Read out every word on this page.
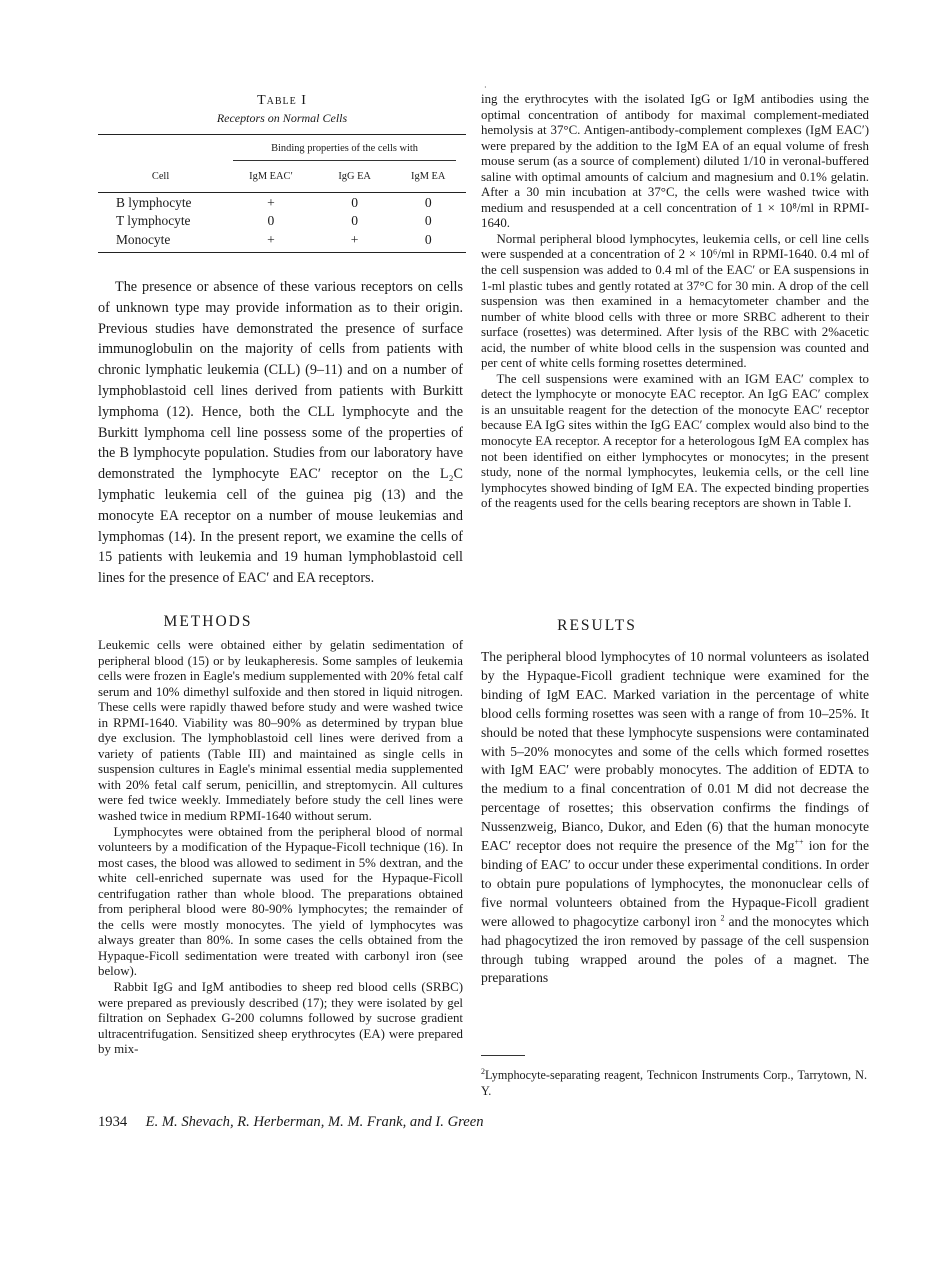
Table I

Receptors on Normal Cells

	Binding properties of the cells with		
Cell	IgM EAC′	IgG EA	IgM EA

B lymphocyte	+	0	0
T lymphocyte	0	0	0
Monocyte	+	+	0

The presence or absence of these various receptors on cells of unknown type may provide information as to their origin. Previous studies have demonstrated the presence of surface immunoglobulin on the majority of cells from patients with chronic lymphatic leukemia (CLL) (9–11) and on a number of lymphoblastoid cell lines derived from patients with Burkitt lymphoma (12). Hence, both the CLL lymphocyte and the Burkitt lymphoma cell line possess some of the properties of the B lymphocyte population. Studies from our laboratory have demonstrated the lymphocyte EAC′ receptor on the L₂C lymphatic leukemia cell of the guinea pig (13) and the monocyte EA receptor on a number of mouse leukemias and lymphomas (14). In the present report, we examine the cells of 15 patients with leukemia and 19 human lymphoblastoid cell lines for the presence of EAC′ and EA receptors.

METHODS

Leukemic cells were obtained either by gelatin sedimentation of peripheral blood (15) or by leukapheresis. Some samples of leukemia cells were frozen in Eagle's medium supplemented with 20% fetal calf serum and 10% dimethyl sulfoxide and then stored in liquid nitrogen. These cells were rapidly thawed before study and were washed twice in RPMI-1640. Viability was 80–90% as determined by trypan blue dye exclusion. The lymphoblastoid cell lines were derived from a variety of patients (Table III) and maintained as single cells in suspension cultures in Eagle's minimal essential media supplemented with 20% fetal calf serum, penicillin, and streptomycin. All cultures were fed twice weekly. Immediately before study the cell lines were washed twice in medium RPMI-1640 without serum.

Lymphocytes were obtained from the peripheral blood of normal volunteers by a modification of the Hypaque-Ficoll technique (16). In most cases, the blood was allowed to sediment in 5% dextran, and the white cell-enriched supernate was used for the Hypaque-Ficoll centrifugation rather than whole blood. The preparations obtained from peripheral blood were 80-90% lymphocytes; the remainder of the cells were mostly monocytes. The yield of lymphocytes was always greater than 80%. In some cases the cells obtained from the Hypaque-Ficoll sedimentation were treated with carbonyl iron (see below).

Rabbit IgG and IgM antibodies to sheep red blood cells (SRBC) were prepared as previously described (17); they were isolated by gel filtration on Sephadex G-200 columns followed by sucrose gradient ultracentrifugation. Sensitized sheep erythrocytes (EA) were prepared by mix-

·

ing the erythrocytes with the isolated IgG or IgM antibodies using the optimal concentration of antibody for maximal complement-mediated hemolysis at 37°C. Antigen-antibody-complement complexes (IgM EAC′) were prepared by the addition to the IgM EA of an equal volume of fresh mouse serum (as a source of complement) diluted 1/10 in veronal-buffered saline with optimal amounts of calcium and magnesium and 0.1% gelatin. After a 30 min incubation at 37°C, the cells were washed twice with medium and resuspended at a cell concentration of 1 × 10⁸/ml in RPMI-1640.

Normal peripheral blood lymphocytes, leukemia cells, or cell line cells were suspended at a concentration of 2 × 10⁶/ml in RPMI-1640. 0.4 ml of the cell suspension was added to 0.4 ml of the EAC′ or EA suspensions in 1-ml plastic tubes and gently rotated at 37°C for 30 min. A drop of the cell suspension was then examined in a hemacytometer chamber and the number of white blood cells with three or more SRBC adherent to their surface (rosettes) was determined. After lysis of the RBC with 2%acetic acid, the number of white blood cells in the suspension was counted and per cent of white cells forming rosettes determined.

The cell suspensions were examined with an IGM EAC′ complex to detect the lymphocyte or monocyte EAC receptor. An IgG EAC′ complex is an unsuitable reagent for the detection of the monocyte EAC′ receptor because EA IgG sites within the IgG EAC′ complex would also bind to the monocyte EA receptor. A receptor for a heterologous IgM EA complex has not been identified on either lymphocytes or monocytes; in the present study, none of the normal lymphocytes, leukemia cells, or the cell line lymphocytes showed binding of IgM EA. The expected binding properties of the reagents used for the cells bearing receptors are shown in Table I.

RESULTS

The peripheral blood lymphocytes of 10 normal volunteers as isolated by the Hypaque-Ficoll gradient technique were examined for the binding of IgM EAC. Marked variation in the percentage of white blood cells forming rosettes was seen with a range of from 10–25%. It should be noted that these lymphocyte suspensions were contaminated with 5–20% monocytes and some of the cells which formed rosettes with IgM EAC′ were probably monocytes. The addition of EDTA to the medium to a final concentration of 0.01 M did not decrease the percentage of rosettes; this observation confirms the findings of Nussenzweig, Bianco, Dukor, and Eden (6) that the human monocyte EAC′ receptor does not require the presence of the Mg++ ion for the binding of EAC′ to occur under these experimental conditions. In order to obtain pure populations of lymphocytes, the mononuclear cells of five normal volunteers obtained from the Hypaque-Ficoll gradient were allowed to phagocytize carbonyl iron $^2$ and the monocytes which had phagocytized the iron removed by passage of the cell suspension through tubing wrapped around the poles of a magnet. The preparations

$^2$Lymphocyte-separating reagent, Technicon Instruments Corp., Tarrytown, N. Y.
1934 E. M. Shevach, R. Herberman, M. M. Frank, and I. Green
